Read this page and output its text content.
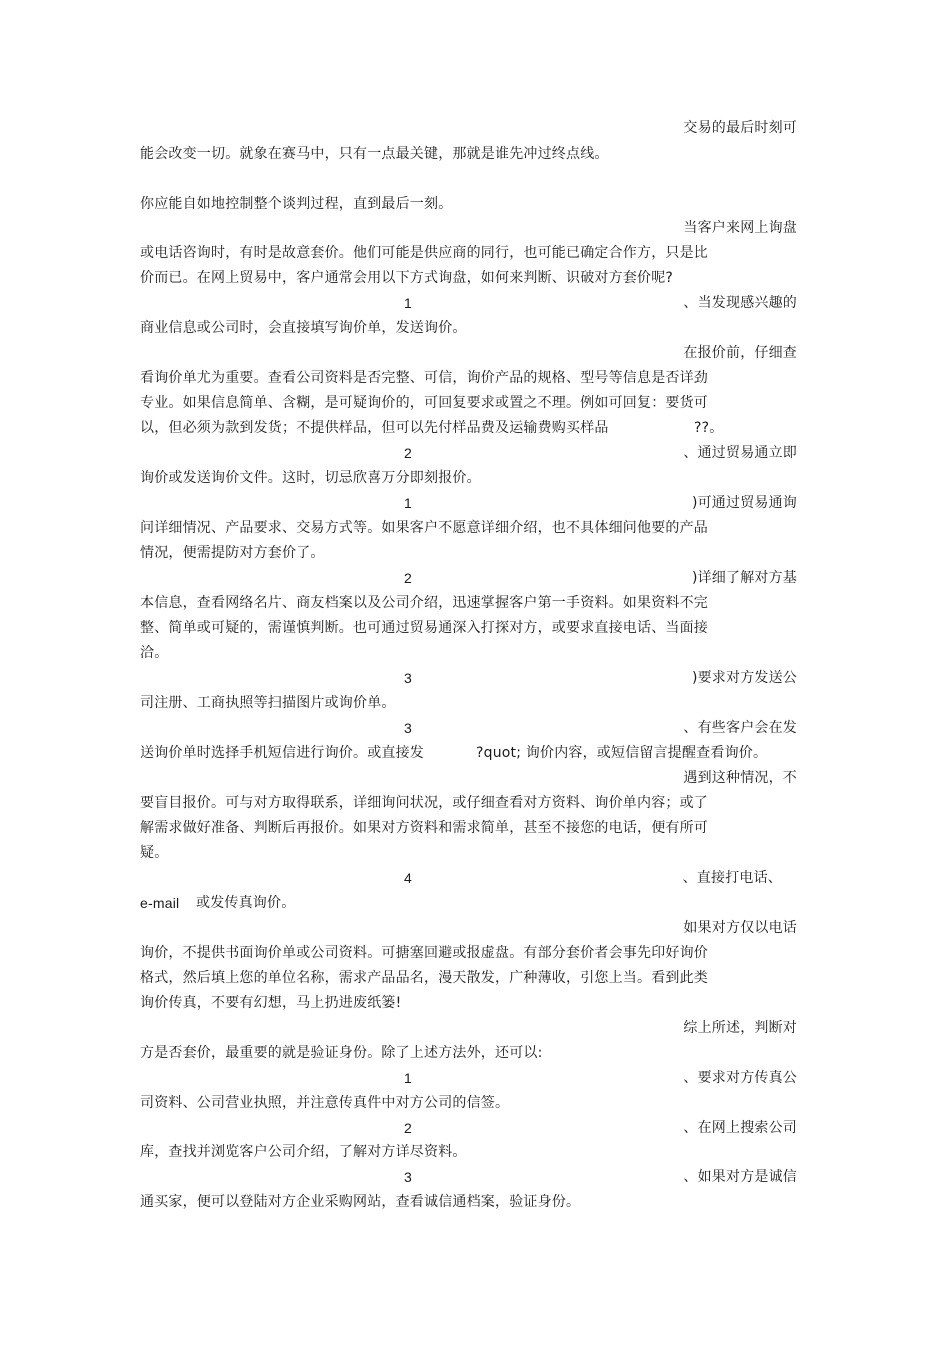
交易的最后时刻可
能会改变一切。就象在赛马中，只有一点最关键，那就是谁先冲过终点线。
你应能自如地控制整个谈判过程，直到最后一刻。
当客户来网上询盘
或电话咨询时，有时是故意套价。他们可能是供应商的同行，也可能已确定合作方，只是比
价而已。在网上贸易中，客户通常会用以下方式询盘，如何来判断、识破对方套价呢?
1	、当发现感兴趣的
商业信息或公司时，会直接填写询价单，发送询价。
在报价前，仔细查
看询价单尤为重要。查看公司资料是否完整、可信，询价产品的规格、型号等信息是否详劲
专业。如果信息简单、含糊，是可疑询价的，可回复要求或置之不理。例如可回复：要货可
以，但必须为款到发货；不提供样品，但可以先付样品费及运输费购买样品	??。
2	、通过贸易通立即
询价或发送询价文件。这时，切忌欣喜万分即刻报价。
1	)可通过贸易通询
问详细情况、产品要求、交易方式等。如果客户不愿意详细介绍，也不具体细问他要的产品
情况，便需提防对方套价了。
2	)详细了解对方基
本信息，查看网络名片、商友档案以及公司介绍，迅速掌握客户第一手资料。如果资料不完
整、简单或可疑的，需谨慎判断。也可通过贸易通深入打探对方，或要求直接电话、当面接
洽。
3	)要求对方发送公
司注册、工商执照等扫描图片或询价单。
3	、有些客户会在发
送询价单时选择手机短信进行询价。或直接发	?quot; 询价内容，或短信留言提醒查看询价。
遇到这种情况，不
要盲目报价。可与对方取得联系，详细询问状况，或仔细查看对方资料、询价单内容；或了
解需求做好准备、判断后再报价。如果对方资料和需求简单，甚至不接您的电话，便有所可
疑。
4	、直接打电话、
e-mail 或发传真询价。
如果对方仅以电话
询价，不提供书面询价单或公司资料。可搪塞回避或报虚盘。有部分套价者会事先印好询价
格式，然后填上您的单位名称，需求产品品名，漫天散发，广种薄收，引您上当。看到此类
询价传真，不要有幻想，马上扔进废纸篓!
综上所述，判断对
方是否套价，最重要的就是验证身份。除了上述方法外，还可以:
1	、要求对方传真公
司资料、公司营业执照，并注意传真件中对方公司的信签。
2	、在网上搜索公司
库，查找并浏览客户公司介绍，了解对方详尽资料。
3	、如果对方是诚信
通买家，便可以登陆对方企业采购网站，查看诚信通档案，验证身份。
